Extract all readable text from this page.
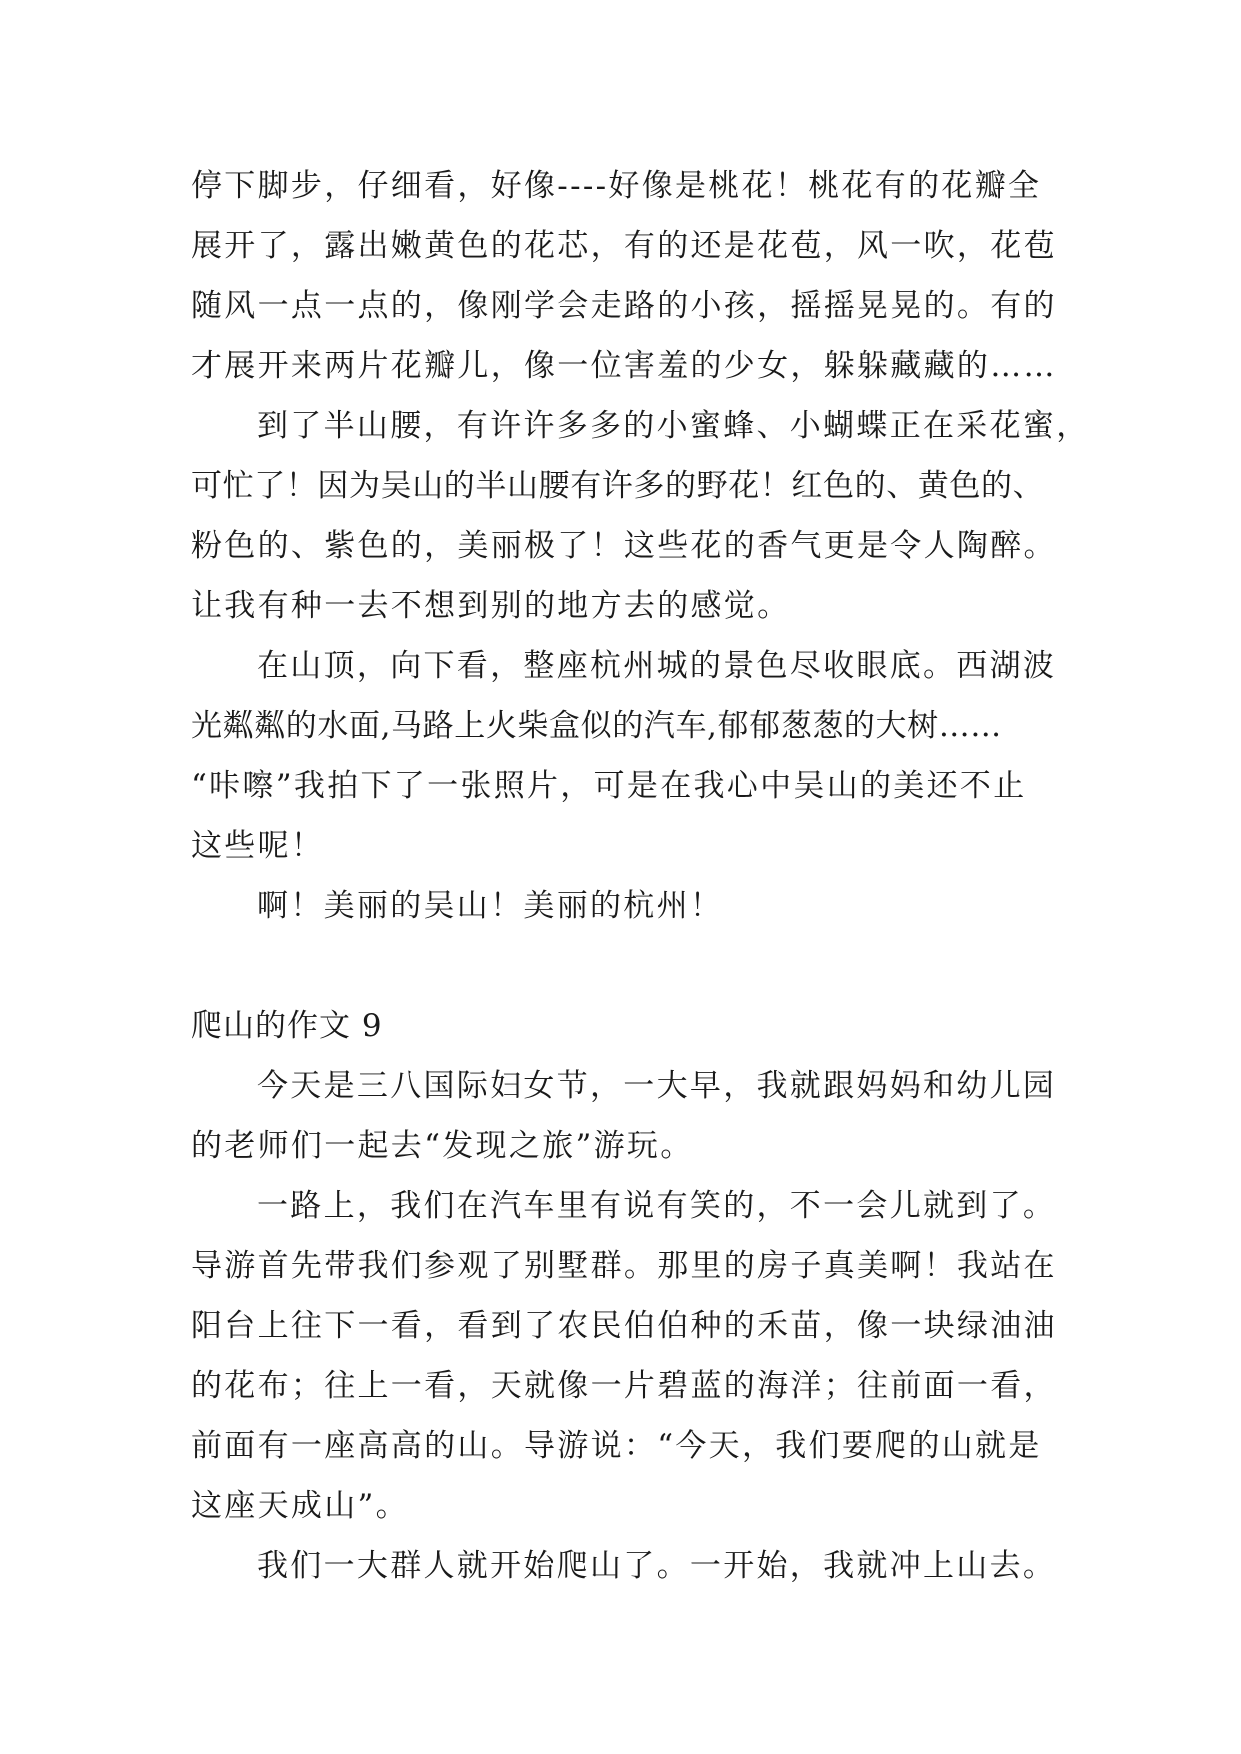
停下脚步，仔细看，好像----好像是桃花！桃花有的花瓣全
展开了，露出嫩黄色的花芯，有的还是花苞，风一吹，花苞
随风一点一点的，像刚学会走路的小孩，摇摇晃晃的。有的
才展开来两片花瓣儿，像一位害羞的少女，躲躲藏藏的……
到了半山腰，有许许多多的小蜜蜂、小蝴蝶正在采花蜜，
可忙了！因为吴山的半山腰有许多的野花！红色的、黄色的、
粉色的、紫色的，美丽极了！这些花的香气更是令人陶醉。
让我有种一去不想到别的地方去的感觉。
在山顶，向下看，整座杭州城的景色尽收眼底。西湖波
光粼粼的水面,马路上火柴盒似的汽车,郁郁葱葱的大树……
“咔嚓”我拍下了一张照片，可是在我心中吴山的美还不止
这些呢！
啊！美丽的吴山！美丽的杭州！
爬山的作文 9
今天是三八国际妇女节，一大早，我就跟妈妈和幼儿园
的老师们一起去“发现之旅”游玩。
一路上，我们在汽车里有说有笑的，不一会儿就到了。
导游首先带我们参观了别墅群。那里的房子真美啊！我站在
阳台上往下一看，看到了农民伯伯种的禾苗，像一块绿油油
的花布；往上一看，天就像一片碧蓝的海洋；往前面一看，
前面有一座高高的山。导游说：“今天，我们要爬的山就是
这座天成山”。
我们一大群人就开始爬山了。一开始，我就冲上山去。
